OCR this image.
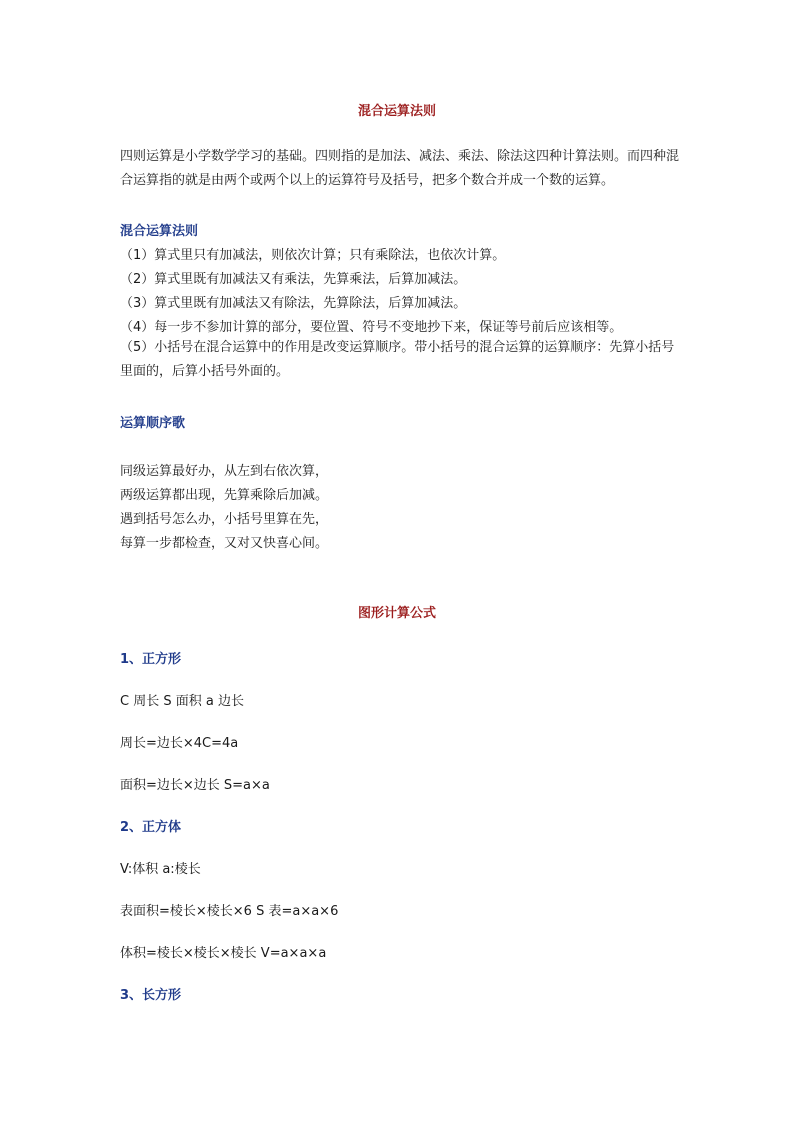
混合运算法则

四则运算是小学数学学习的基础。四则指的是加法、减法、乘法、除法这四种计算法则。而四种混合运算指的就是由两个或两个以上的运算符号及括号，把多个数合并成一个数的运算。

混合运算法则
（1）算式里只有加减法，则依次计算；只有乘除法，也依次计算。
（2）算式里既有加减法又有乘法，先算乘法，后算加减法。
（3）算式里既有加减法又有除法，先算除法，后算加减法。
（4）每一步不参加计算的部分，要位置、符号不变地抄下来，保证等号前后应该相等。

（5）小括号在混合运算中的作用是改变运算顺序。带小括号的混合运算的运算顺序：先算小括号里面的，后算小括号外面的。

运算顺序歌
同级运算最好办，从左到右依次算，
两级运算都出现，先算乘除后加减。
遇到括号怎么办，小括号里算在先，
每算一步都检查，又对又快喜心间。
图形计算公式
1、正方形
C 周长 S 面积 a 边长
周长=边长×4C=4a
面积=边长×边长 S=a×a
2、正方体
V:体积 a:棱长
表面积=棱长×棱长×6 S 表=a×a×6
体积=棱长×棱长×棱长 V=a×a×a
3、长方形
